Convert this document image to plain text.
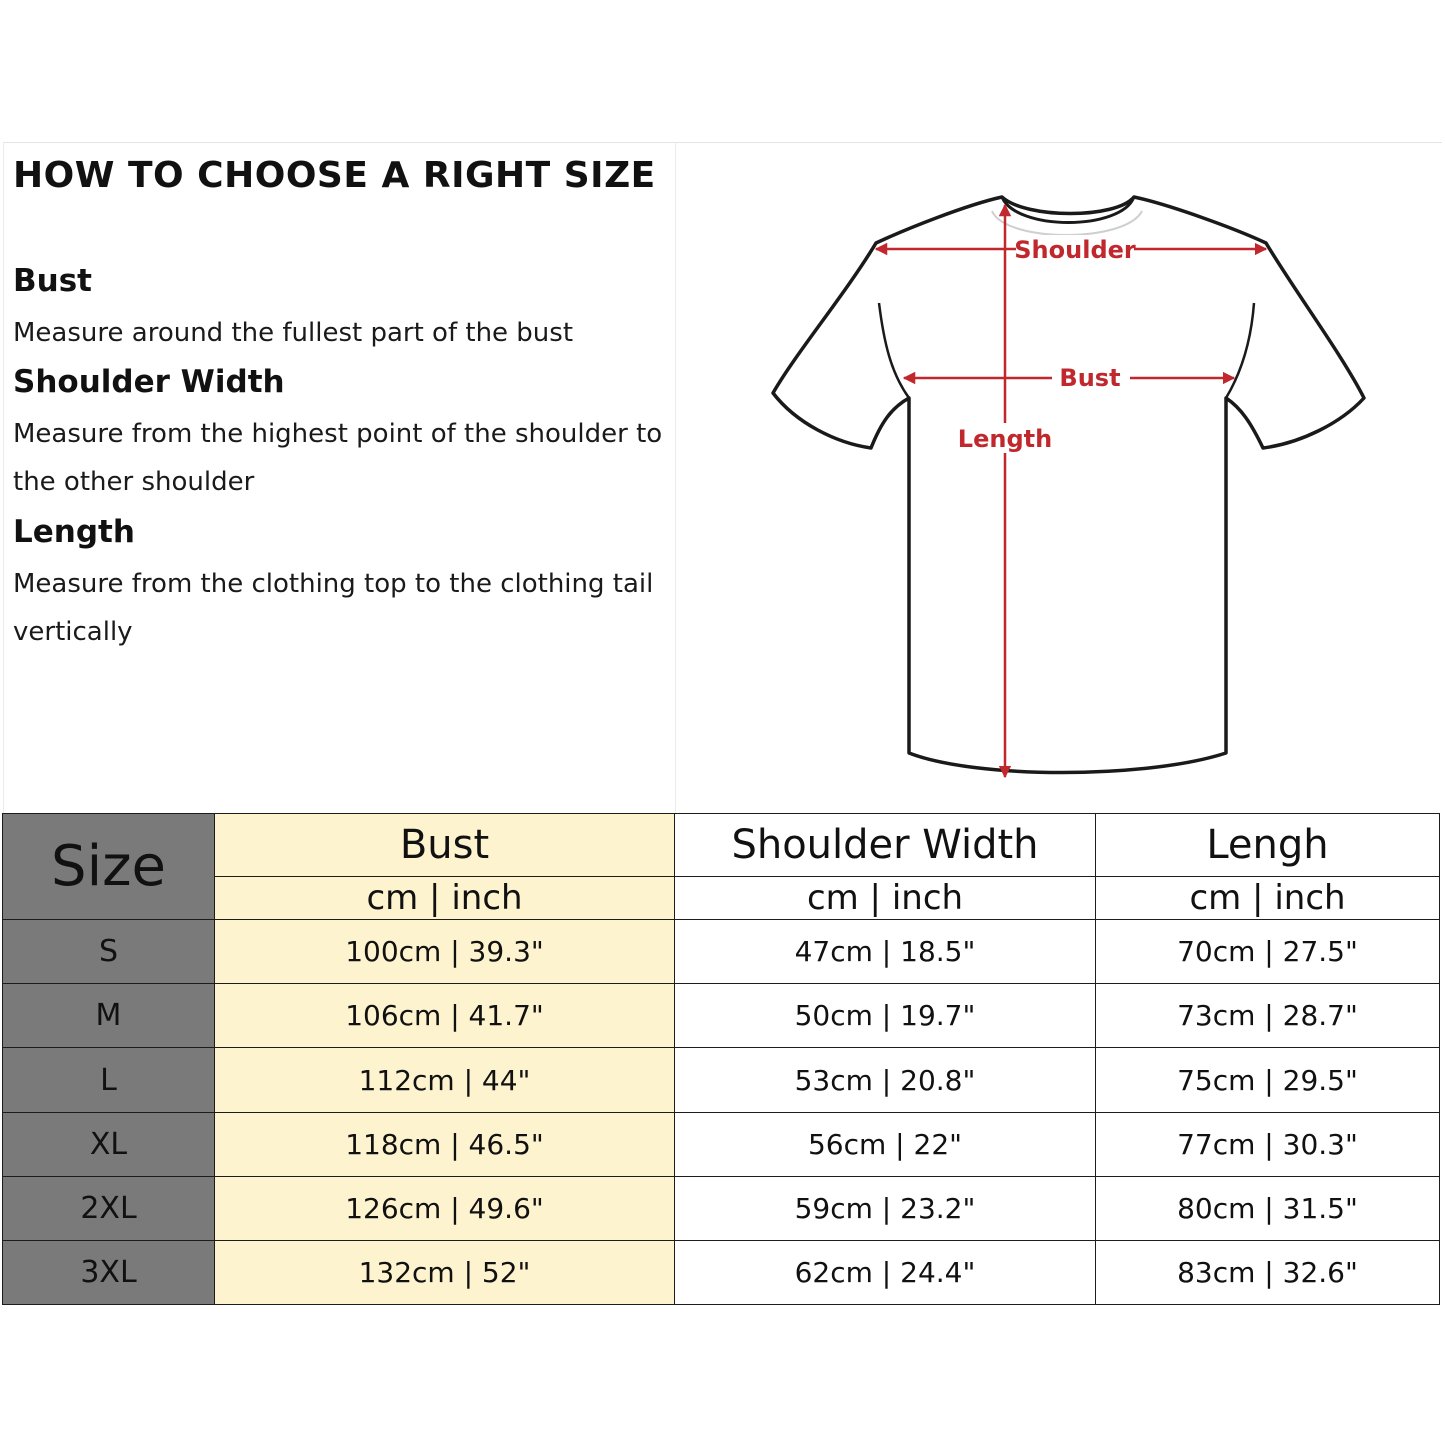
HOW TO CHOOSE A RIGHT SIZE
Bust
Measure around the fullest part of the bust
Shoulder Width
Measure from the highest point of the shoulder to the other shoulder
Length
Measure from the clothing top to the clothing tail vertically
Shoulder
Bust
Length
Size	Bust	Shoulder Width	Lengh
	cm | inch	cm | inch	cm | inch
S	100cm | 39.3"	47cm | 18.5"	70cm | 27.5"
M	106cm | 41.7"	50cm | 19.7"	73cm | 28.7"
L	112cm | 44"	53cm | 20.8"	75cm | 29.5"
XL	118cm | 46.5"	56cm | 22"	77cm | 30.3"
2XL	126cm | 49.6"	59cm | 23.2"	80cm | 31.5"
3XL	132cm | 52"	62cm | 24.4"	83cm | 32.6"
